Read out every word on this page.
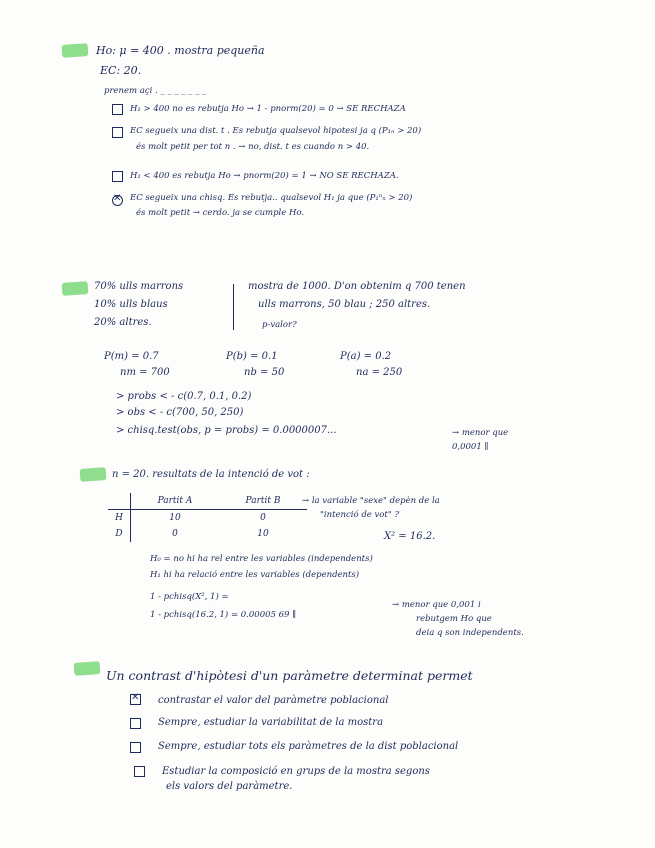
Ho: μ = 400 . mostra pequeña
EC: 20.
prenem açi . _ _ _ _ _ _ _
H₁ > 400 no es rebutja Ho → 1 - pnorm(20) = 0 → SE RECHAZA
EC segueix una dist. t . Es rebutja qualsevol hipotesi ja q (P₁ₙ > 20)
és molt petit per tot n . → no, dist. t es cuando n > 40.
H₁ < 400 es rebutja Ho → pnorm(20) = 1 → NO SE RECHAZA.
✕
EC segueix una chisq. Es rebutja.. qualsevol H₁ ja que (P₁ⁿₙ > 20)
és molt petit → cerdo. ja se cumple Ho.
70% ulls marrons
10% ulls blaus
20% altres.
mostra de 1000. D'on obtenim q 700 tenen
ulls marrons, 50 blau ; 250 altres.
p-valor?
P(m) = 0.7	P(b) = 0.1	P(a) = 0.2
nm = 700	nb = 50	na = 250
> probs < - c(0.7, 0.1, 0.2)
> obs < - c(700, 50, 250)
> chisq.test(obs, p = probs) = 0.0000007...	→ menor que
0,0001 ∥
n = 20. resultats de la intenció de vot :
	Partit A	Partit B
H	10	0
D	0	10
→ la variable "sexe" depèn de la
"intenció de vot" ?
X² = 16.2.
H₀ = no hi ha rel entre les variables (independents)
H₁ hi ha relació entre les variables (dependents)
1 - pchisq(X², 1) =
1 - pchisq(16.2, 1) = 0.00005 69 ∥
→ menor que 0,001 i
rebutgem Ho que
deia q son independents.
Un contrast d'hipòtesi d'un paràmetre determinat permet
✕
contrastar el valor del paràmetre poblacional
Sempre, estudiar la variabilitat de la mostra
Sempre, estudiar tots els paràmetres de la dist poblacional
Estudiar la composició en grups de la mostra segons
els valors del paràmetre.
